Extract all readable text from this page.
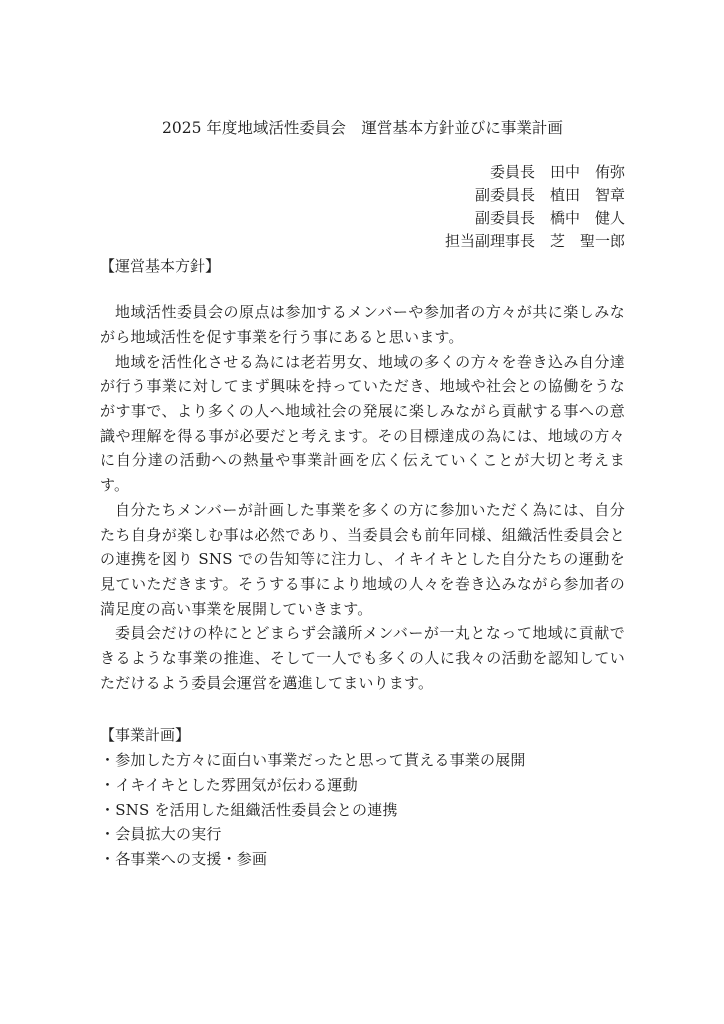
2025 年度地域活性委員会　運営基本方針並びに事業計画
委員長　田中　侑弥
副委員長　植田　智章
副委員長　橋中　健人
担当副理事長　芝　聖一郎
【運営基本方針】

地域活性委員会の原点は参加するメンバーや参加者の方々が共に楽しみながら地域活性を促す事業を行う事にあると思います。

地域を活性化させる為には老若男女、地域の多くの方々を巻き込み自分達が行う事業に対してまず興味を持っていただき、地域や社会との協働をうながす事で、より多くの人へ地域社会の発展に楽しみながら貢献する事への意識や理解を得る事が必要だと考えます。その目標達成の為には、地域の方々に自分達の活動への熱量や事業計画を広く伝えていくことが大切と考えます。

自分たちメンバーが計画した事業を多くの方に参加いただく為には、自分たち自身が楽しむ事は必然であり、当委員会も前年同様、組織活性委員会との連携を図り SNS での告知等に注力し、イキイキとした自分たちの運動を見ていただきます。そうする事により地域の人々を巻き込みながら参加者の満足度の高い事業を展開していきます。

委員会だけの枠にとどまらず会議所メンバーが一丸となって地域に貢献できるような事業の推進、そして一人でも多くの人に我々の活動を認知していただけるよう委員会運営を邁進してまいります。

【事業計画】
・参加した方々に面白い事業だったと思って貰える事業の展開
・イキイキとした雰囲気が伝わる運動
・SNS を活用した組織活性委員会との連携
・会員拡大の実行
・各事業への支援・参画
